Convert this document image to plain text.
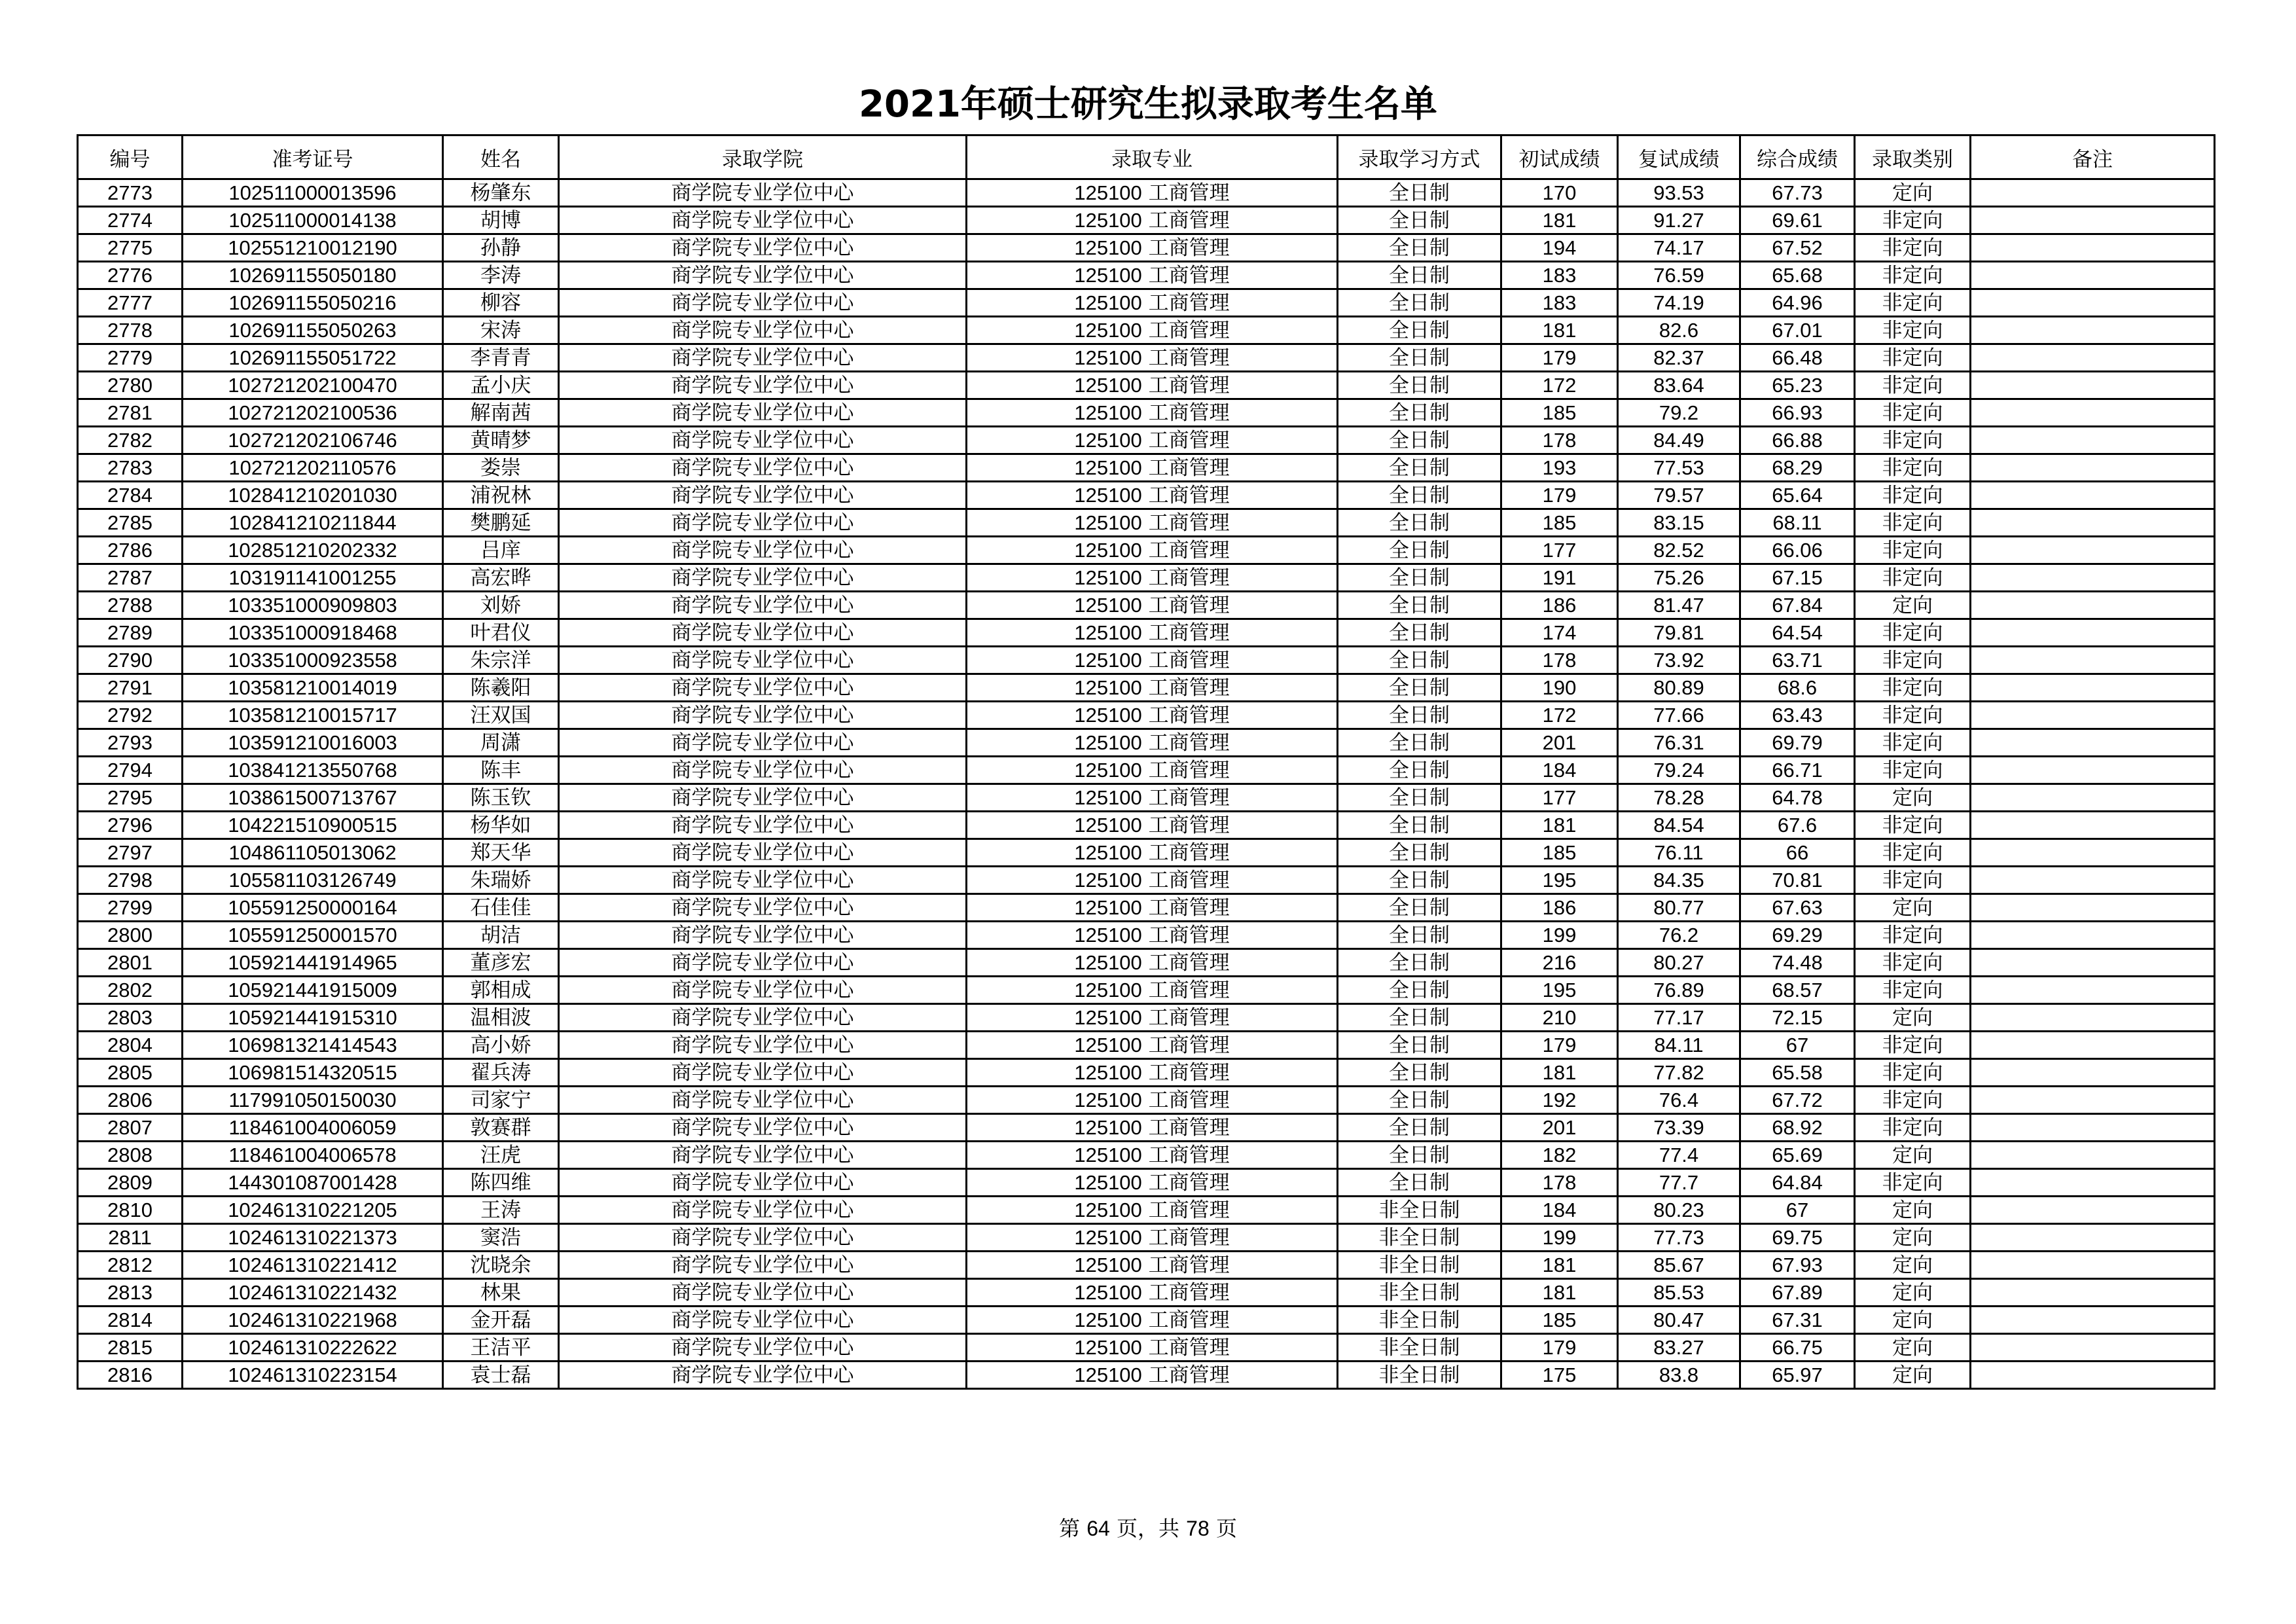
2021年硕士研究生拟录取考生名单
编号	准考证号	姓名	录取学院	录取专业	录取学习方式	初试成绩	复试成绩	综合成绩	录取类别	备注
2773	102511000013596	杨肇东	商学院专业学位中心	125100 工商管理	全日制	170	93.53	67.73	定向	
2774	102511000014138	胡博	商学院专业学位中心	125100 工商管理	全日制	181	91.27	69.61	非定向	
2775	102551210012190	孙静	商学院专业学位中心	125100 工商管理	全日制	194	74.17	67.52	非定向	
2776	102691155050180	李涛	商学院专业学位中心	125100 工商管理	全日制	183	76.59	65.68	非定向	
2777	102691155050216	柳容	商学院专业学位中心	125100 工商管理	全日制	183	74.19	64.96	非定向	
2778	102691155050263	宋涛	商学院专业学位中心	125100 工商管理	全日制	181	82.6	67.01	非定向	
2779	102691155051722	李青青	商学院专业学位中心	125100 工商管理	全日制	179	82.37	66.48	非定向	
2780	102721202100470	孟小庆	商学院专业学位中心	125100 工商管理	全日制	172	83.64	65.23	非定向	
2781	102721202100536	解南茜	商学院专业学位中心	125100 工商管理	全日制	185	79.2	66.93	非定向	
2782	102721202106746	黄晴梦	商学院专业学位中心	125100 工商管理	全日制	178	84.49	66.88	非定向	
2783	102721202110576	娄崇	商学院专业学位中心	125100 工商管理	全日制	193	77.53	68.29	非定向	
2784	102841210201030	浦祝林	商学院专业学位中心	125100 工商管理	全日制	179	79.57	65.64	非定向	
2785	102841210211844	樊鹏延	商学院专业学位中心	125100 工商管理	全日制	185	83.15	68.11	非定向	
2786	102851210202332	吕庠	商学院专业学位中心	125100 工商管理	全日制	177	82.52	66.06	非定向	
2787	103191141001255	高宏晔	商学院专业学位中心	125100 工商管理	全日制	191	75.26	67.15	非定向	
2788	103351000909803	刘娇	商学院专业学位中心	125100 工商管理	全日制	186	81.47	67.84	定向	
2789	103351000918468	叶君仪	商学院专业学位中心	125100 工商管理	全日制	174	79.81	64.54	非定向	
2790	103351000923558	朱宗洋	商学院专业学位中心	125100 工商管理	全日制	178	73.92	63.71	非定向	
2791	103581210014019	陈羲阳	商学院专业学位中心	125100 工商管理	全日制	190	80.89	68.6	非定向	
2792	103581210015717	汪双国	商学院专业学位中心	125100 工商管理	全日制	172	77.66	63.43	非定向	
2793	103591210016003	周潇	商学院专业学位中心	125100 工商管理	全日制	201	76.31	69.79	非定向	
2794	103841213550768	陈丰	商学院专业学位中心	125100 工商管理	全日制	184	79.24	66.71	非定向	
2795	103861500713767	陈玉钦	商学院专业学位中心	125100 工商管理	全日制	177	78.28	64.78	定向	
2796	104221510900515	杨华如	商学院专业学位中心	125100 工商管理	全日制	181	84.54	67.6	非定向	
2797	104861105013062	郑天华	商学院专业学位中心	125100 工商管理	全日制	185	76.11	66	非定向	
2798	105581103126749	朱瑞娇	商学院专业学位中心	125100 工商管理	全日制	195	84.35	70.81	非定向	
2799	105591250000164	石佳佳	商学院专业学位中心	125100 工商管理	全日制	186	80.77	67.63	定向	
2800	105591250001570	胡洁	商学院专业学位中心	125100 工商管理	全日制	199	76.2	69.29	非定向	
2801	105921441914965	董彦宏	商学院专业学位中心	125100 工商管理	全日制	216	80.27	74.48	非定向	
2802	105921441915009	郭相成	商学院专业学位中心	125100 工商管理	全日制	195	76.89	68.57	非定向	
2803	105921441915310	温相波	商学院专业学位中心	125100 工商管理	全日制	210	77.17	72.15	定向	
2804	106981321414543	高小娇	商学院专业学位中心	125100 工商管理	全日制	179	84.11	67	非定向	
2805	106981514320515	翟兵涛	商学院专业学位中心	125100 工商管理	全日制	181	77.82	65.58	非定向	
2806	117991050150030	司家宁	商学院专业学位中心	125100 工商管理	全日制	192	76.4	67.72	非定向	
2807	118461004006059	敦赛群	商学院专业学位中心	125100 工商管理	全日制	201	73.39	68.92	非定向	
2808	118461004006578	汪虎	商学院专业学位中心	125100 工商管理	全日制	182	77.4	65.69	定向	
2809	144301087001428	陈四维	商学院专业学位中心	125100 工商管理	全日制	178	77.7	64.84	非定向	
2810	102461310221205	王涛	商学院专业学位中心	125100 工商管理	非全日制	184	80.23	67	定向	
2811	102461310221373	窦浩	商学院专业学位中心	125100 工商管理	非全日制	199	77.73	69.75	定向	
2812	102461310221412	沈晓余	商学院专业学位中心	125100 工商管理	非全日制	181	85.67	67.93	定向	
2813	102461310221432	林果	商学院专业学位中心	125100 工商管理	非全日制	181	85.53	67.89	定向	
2814	102461310221968	金开磊	商学院专业学位中心	125100 工商管理	非全日制	185	80.47	67.31	定向	
2815	102461310222622	王洁平	商学院专业学位中心	125100 工商管理	非全日制	179	83.27	66.75	定向	
2816	102461310223154	袁士磊	商学院专业学位中心	125100 工商管理	非全日制	175	83.8	65.97	定向	
第 64 页，共 78 页
